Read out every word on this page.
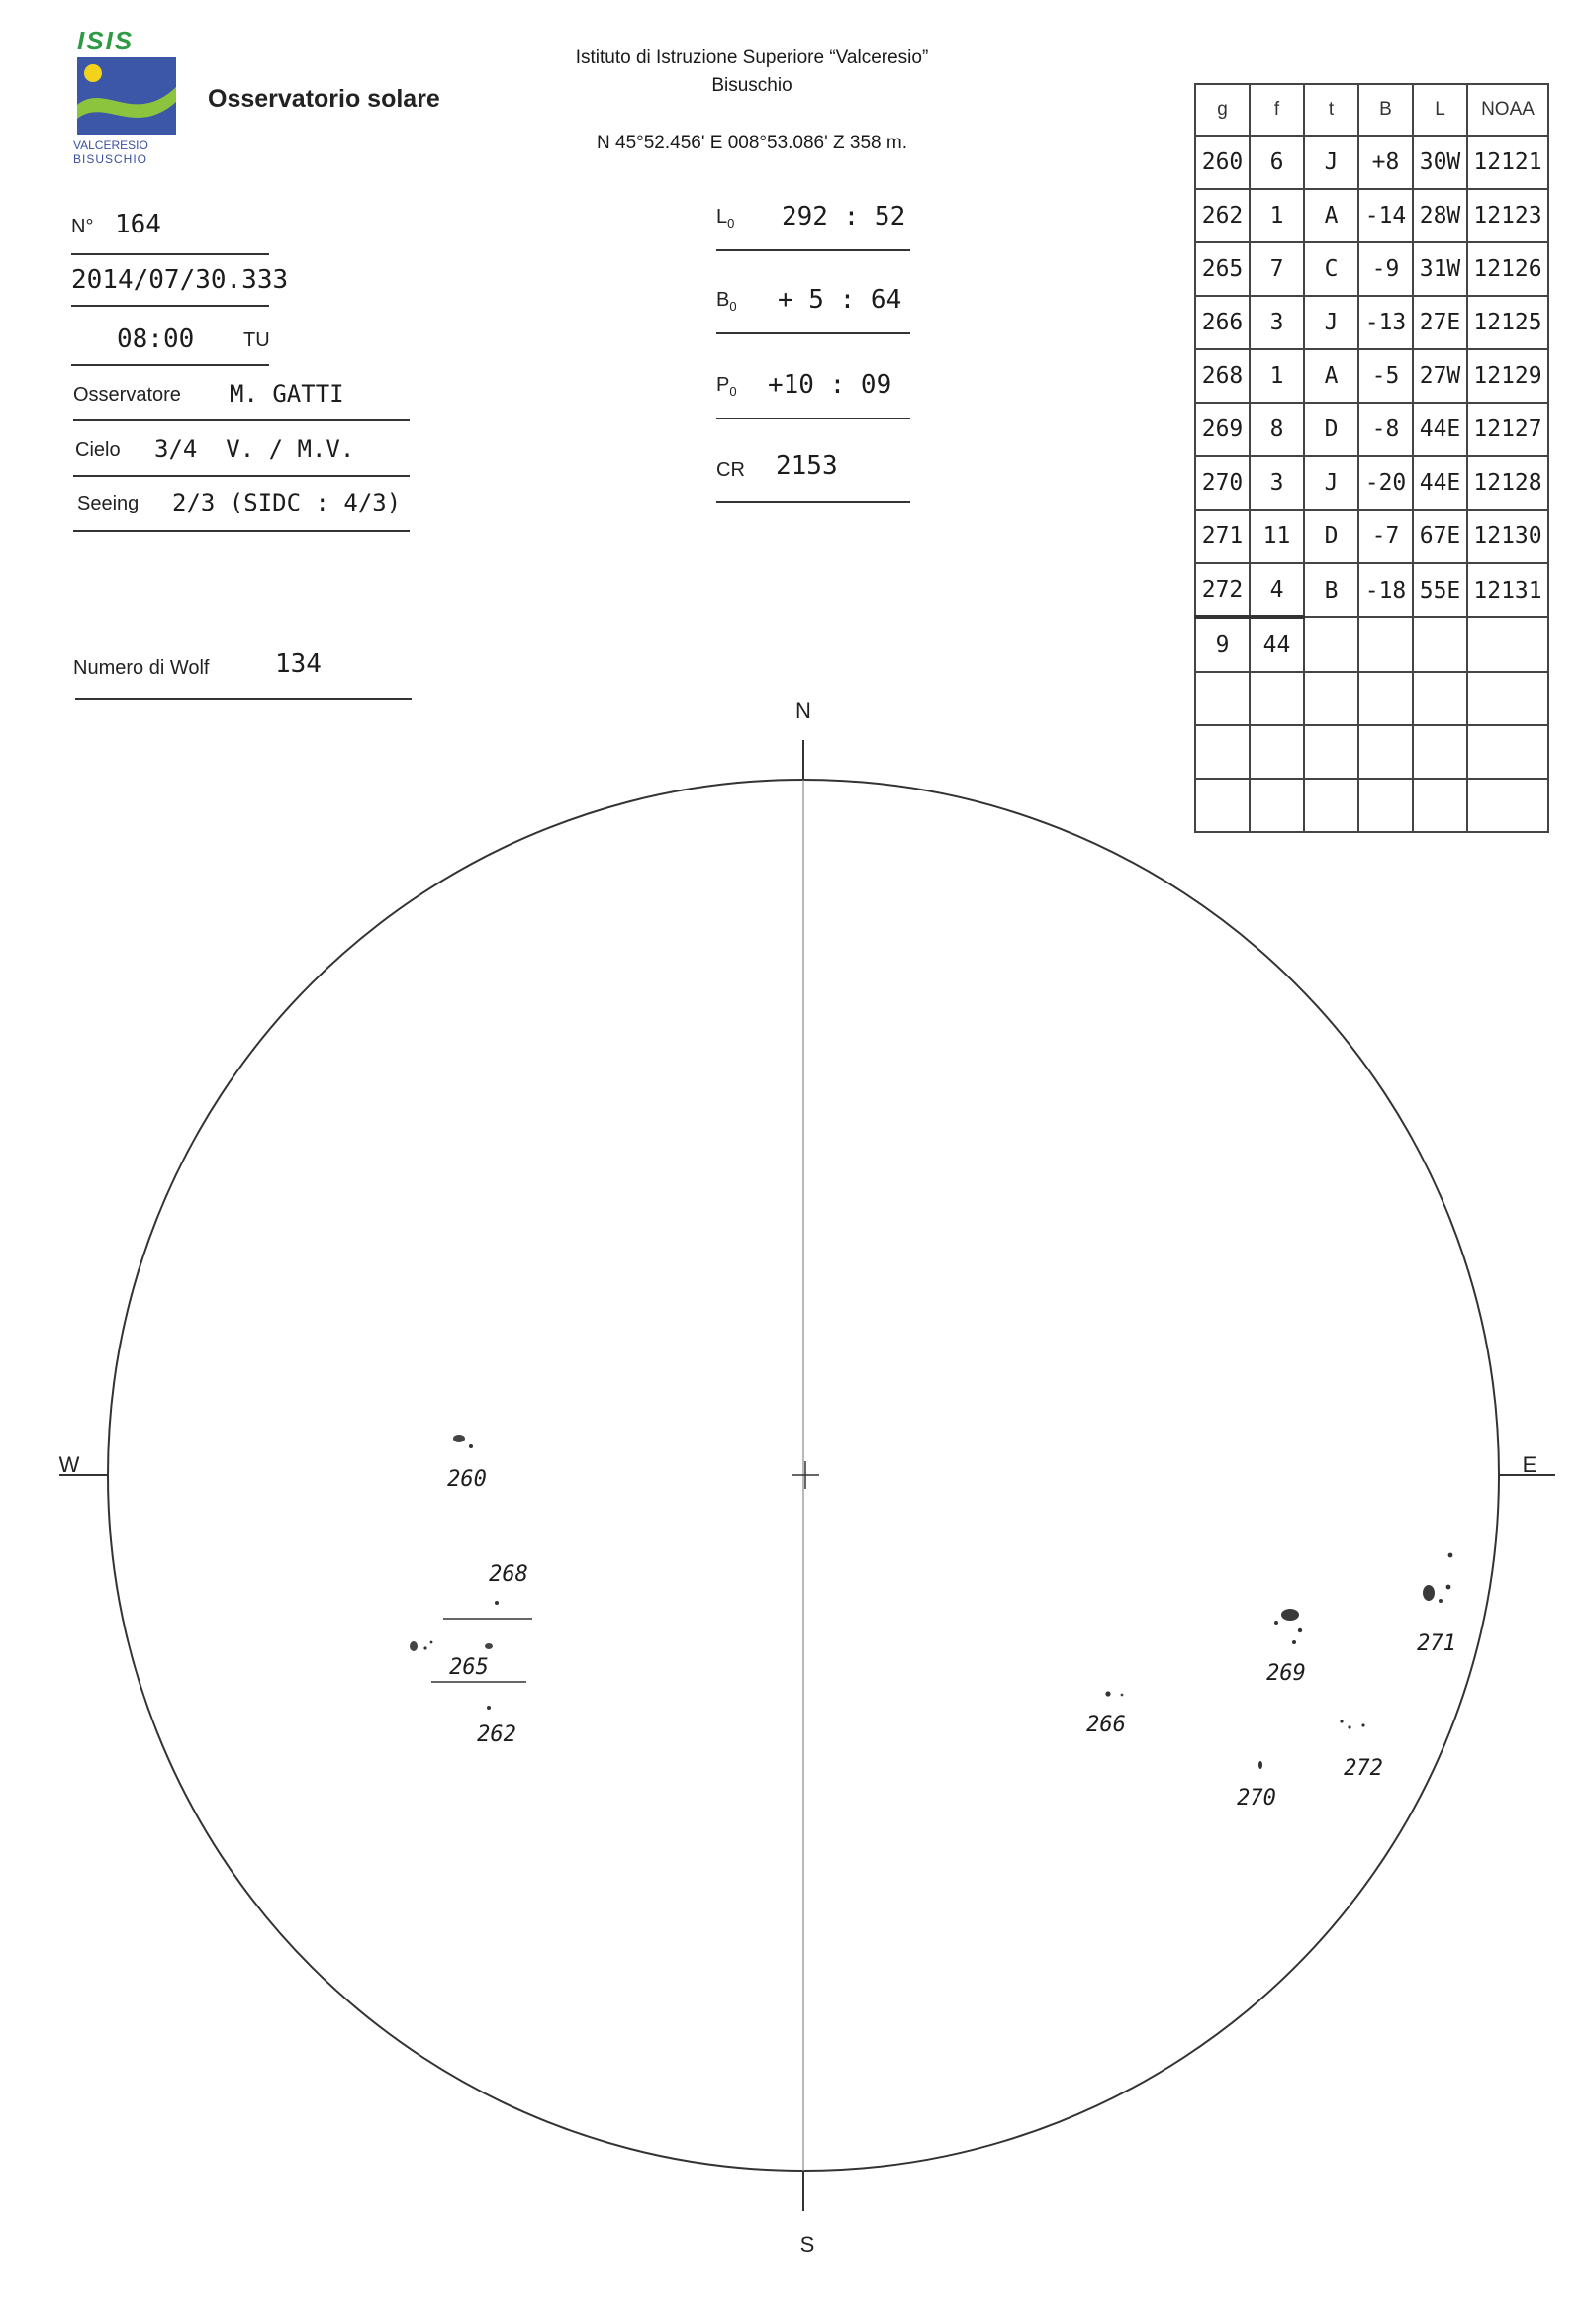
ISIS
VALCERESIO
BISUSCHIO
Osservatorio solare
Istituto di Istruzione Superiore “Valceresio”
Bisuschio
N 45°52.456' E 008°53.086' Z 358 m.
N° 164
2014/07/30.333
08:00 TU
Osservatore M. GATTI
Cielo 3/4  V. / M.V.
Seeing 2/3 (SIDC : 4/3)
Numero di Wolf	134
$L_0$ 292 : 52
$B_0 + 5$ : 64
$P_0 +10$ : 09
CR 2153
g	f	t	B	L	NOAA
260	6	J	+8	30W	12121
262	1	A	-14	28W	12123
265	7	C	-9	31W	12126
266	3	J	-13	27E	12125
268	1	A	-5	27W	12129
269	8	D	-8	44E	12127
270	3	J	-20	44E	12128
271	11	D	-7	67E	12130
272	4	B	-18	55E	12131
9	44				

N
S
W	E
260
268
265
262	266
269
271
272
270
